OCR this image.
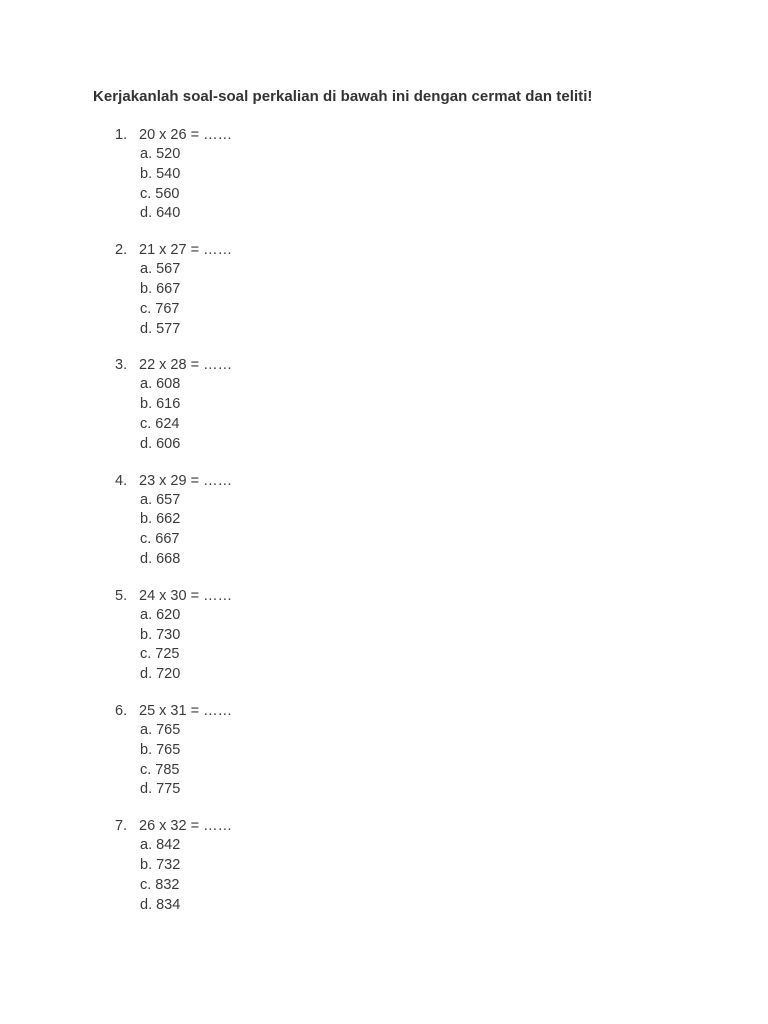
Kerjakanlah soal-soal perkalian di bawah ini dengan cermat dan teliti!
1. 20 x 26 = ……
a. 520
b. 540
c. 560
d. 640
2. 21 x 27 = ……
a. 567
b. 667
c. 767
d. 577
3. 22 x 28 = ……
a. 608
b. 616
c. 624
d. 606
4. 23 x 29 = ……
a. 657
b. 662
c. 667
d. 668
5. 24 x 30 = ……
a. 620
b. 730
c. 725
d. 720
6. 25 x 31 = ……
a. 765
b. 765
c. 785
d. 775
7. 26 x 32 = ……
a. 842
b. 732
c. 832
d. 834
